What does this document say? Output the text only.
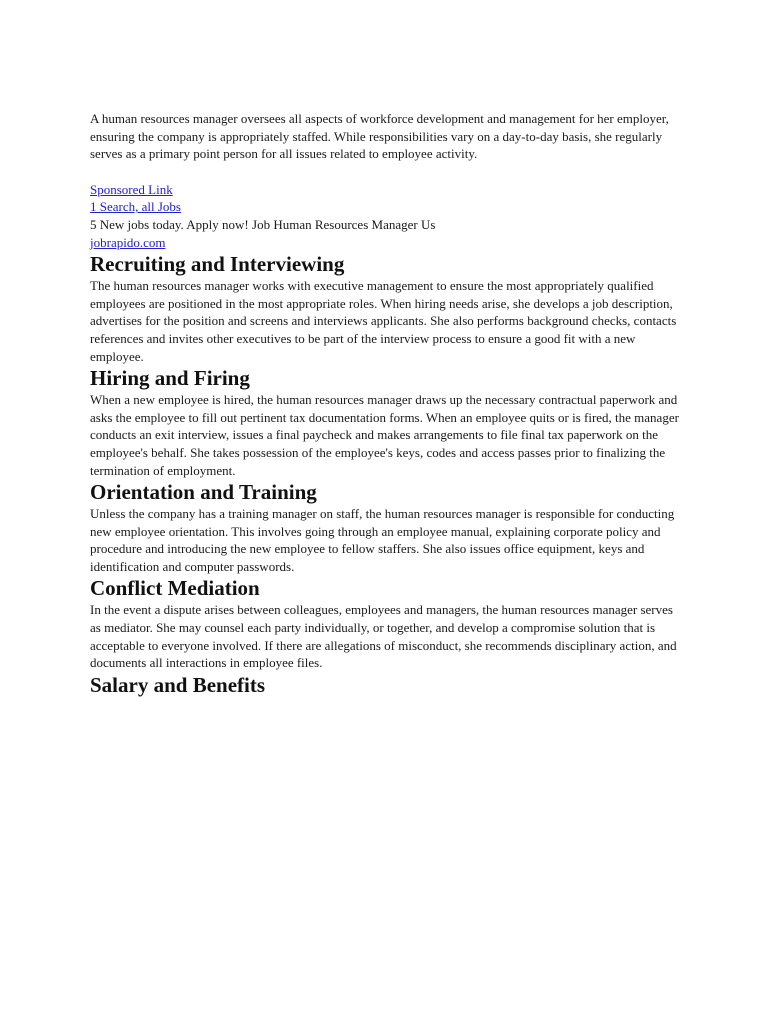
A human resources manager oversees all aspects of workforce development and management for her employer, ensuring the company is appropriately staffed. While responsibilities vary on a day-to-day basis, she regularly serves as a primary point person for all issues related to employee activity.

Sponsored Link
1 Search, all Jobs
5 New jobs today. Apply now! Job Human Resources Manager Us
jobrapido.com
Recruiting and Interviewing

The human resources manager works with executive management to ensure the most appropriately qualified employees are positioned in the most appropriate roles. When hiring needs arise, she develops a job description, advertises for the position and screens and interviews applicants. She also performs background checks, contacts references and invites other executives to be part of the interview process to ensure a good fit with a new employee.

Hiring and Firing

When a new employee is hired, the human resources manager draws up the necessary contractual paperwork and asks the employee to fill out pertinent tax documentation forms. When an employee quits or is fired, the manager conducts an exit interview, issues a final paycheck and makes arrangements to file final tax paperwork on the employee's behalf. She takes possession of the employee's keys, codes and access passes prior to finalizing the termination of employment.

Orientation and Training

Unless the company has a training manager on staff, the human resources manager is responsible for conducting new employee orientation. This involves going through an employee manual, explaining corporate policy and procedure and introducing the new employee to fellow staffers. She also issues office equipment, keys and identification and computer passwords.

Conflict Mediation

In the event a dispute arises between colleagues, employees and managers, the human resources manager serves as mediator. She may counsel each party individually, or together, and develop a compromise solution that is acceptable to everyone involved. If there are allegations of misconduct, she recommends disciplinary action, and documents all interactions in employee files.

Salary and Benefits
